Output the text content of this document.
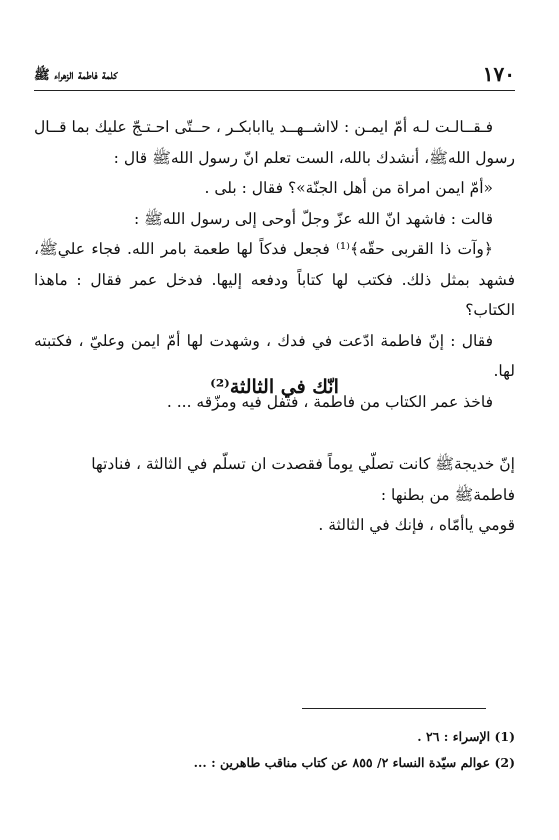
١٧٠
كلمة فاطمة الزهراء ﷺ

فـقــالـت لـه أمّ ايمـن : لااشــهــد ياابابكـر ، حــتّى احـتـجّ عليك بما قــال رسول اللهﷺ، أنشدك بالله، الست تعلم انّ رسول اللهﷺ قال :

«أمّ ايمن امراة من أهل الجنّة»؟ فقال : بلى .

قالت : فاشهد انّ الله عزّ وجلّ أوحى إلى رسول اللهﷺ :

﴿وآت ذا القربى حقّه﴾⁽¹⁾ فجعل فدكاً لها طعمة بامر الله. فجاء عليﷺ، فشهد بمثل ذلك. فكتب لها كتاباً ودفعه إليها. فدخل عمر فقال : ماهذا الكتاب؟

فقال : إنّ فاطمة ادّعت في فدك ، وشهدت لها أمّ ايمن وعليّ ، فكتبته لها.

فاخذ عمر الكتاب من فاطمة ، فتفل فيه ومزّقه ... .

انّك في الثالثة⁽²⁾

إنّ خديجةﷺ كانت تصلّي يوماً فقصدت ان تسلّم في الثالثة ، فنادتها

فاطمةﷺ من بطنها :

قومي ياأمّاه ، فإنك في الثالثة .

(1) الإسراء : ٢٦ .

(2) عوالم سيّدة النساء ٢/ ٨٥٥ عن كتاب مناقب طاهرين : ...
